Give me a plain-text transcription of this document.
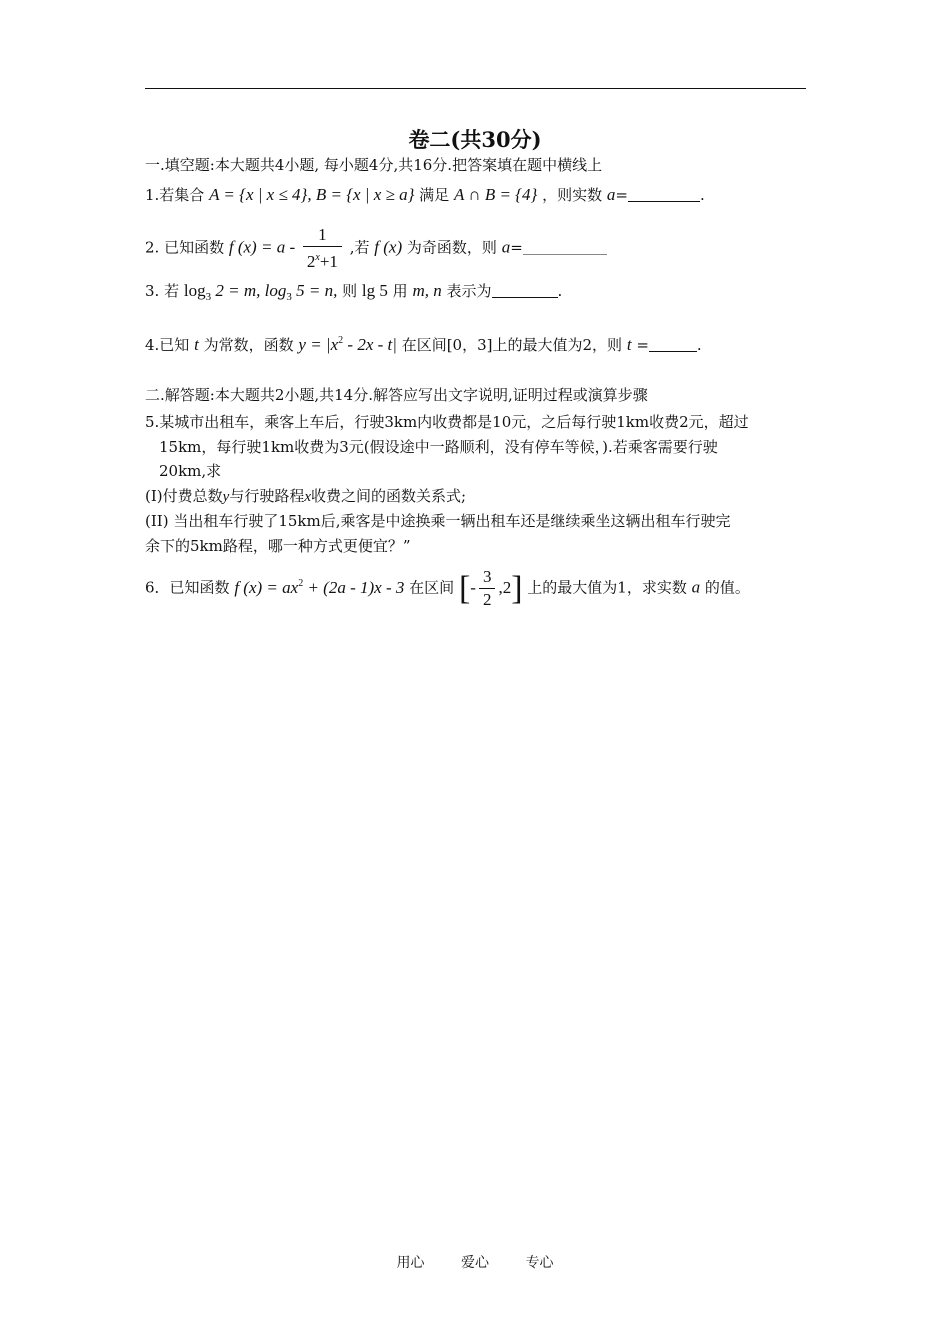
卷二(共30分)
一.填空题:本大题共4小题, 每小题4分,共16分.把答案填在题中横线上
1.若集合 A = {x | x ≤ 4}, B = {x | x ≥ a} 满足 A ∩ B = {4} ，则实数 a=	.
2. 已知函数 f $(x) = a - \frac{1}{2^x+1}$ ,若 f (x) 为奇函数，则 a=
3. 若 $\log_3 2 = m$, $\log_3 5 = n$, 则 lg 5 用 m, n 表示为	.
4.已知 t 为常数，函数 $y = |x^2 - 2x - t|$ 在区间[0，3]上的最大值为2，则 t =	.
二.解答题:本大题共2小题,共14分.解答应写出文字说明,证明过程或演算步骤
5.某城市出租车，乘客上车后，行驶3km内收费都是10元，之后每行驶1km收费2元，超过
15km，每行驶1km收费为3元(假设途中一路顺利，没有停车等候，).若乘客需要行驶
20km,求
(I)付费总数y与行驶路程x收费之间的函数关系式;
(II) 当出租车行驶了15km后,乘客是中途换乘一辆出租车还是继续乘坐这辆出租车行驶完
余下的5km路程，哪一种方式更便宜？”
6．已知函数 f $(x) = ax^2 + (2a - 1)x - 3$ 在区间 [- $\frac{3}{2} ,2$] 上的最大值为1，求实数 a 的值。
用心	爱心	专心
